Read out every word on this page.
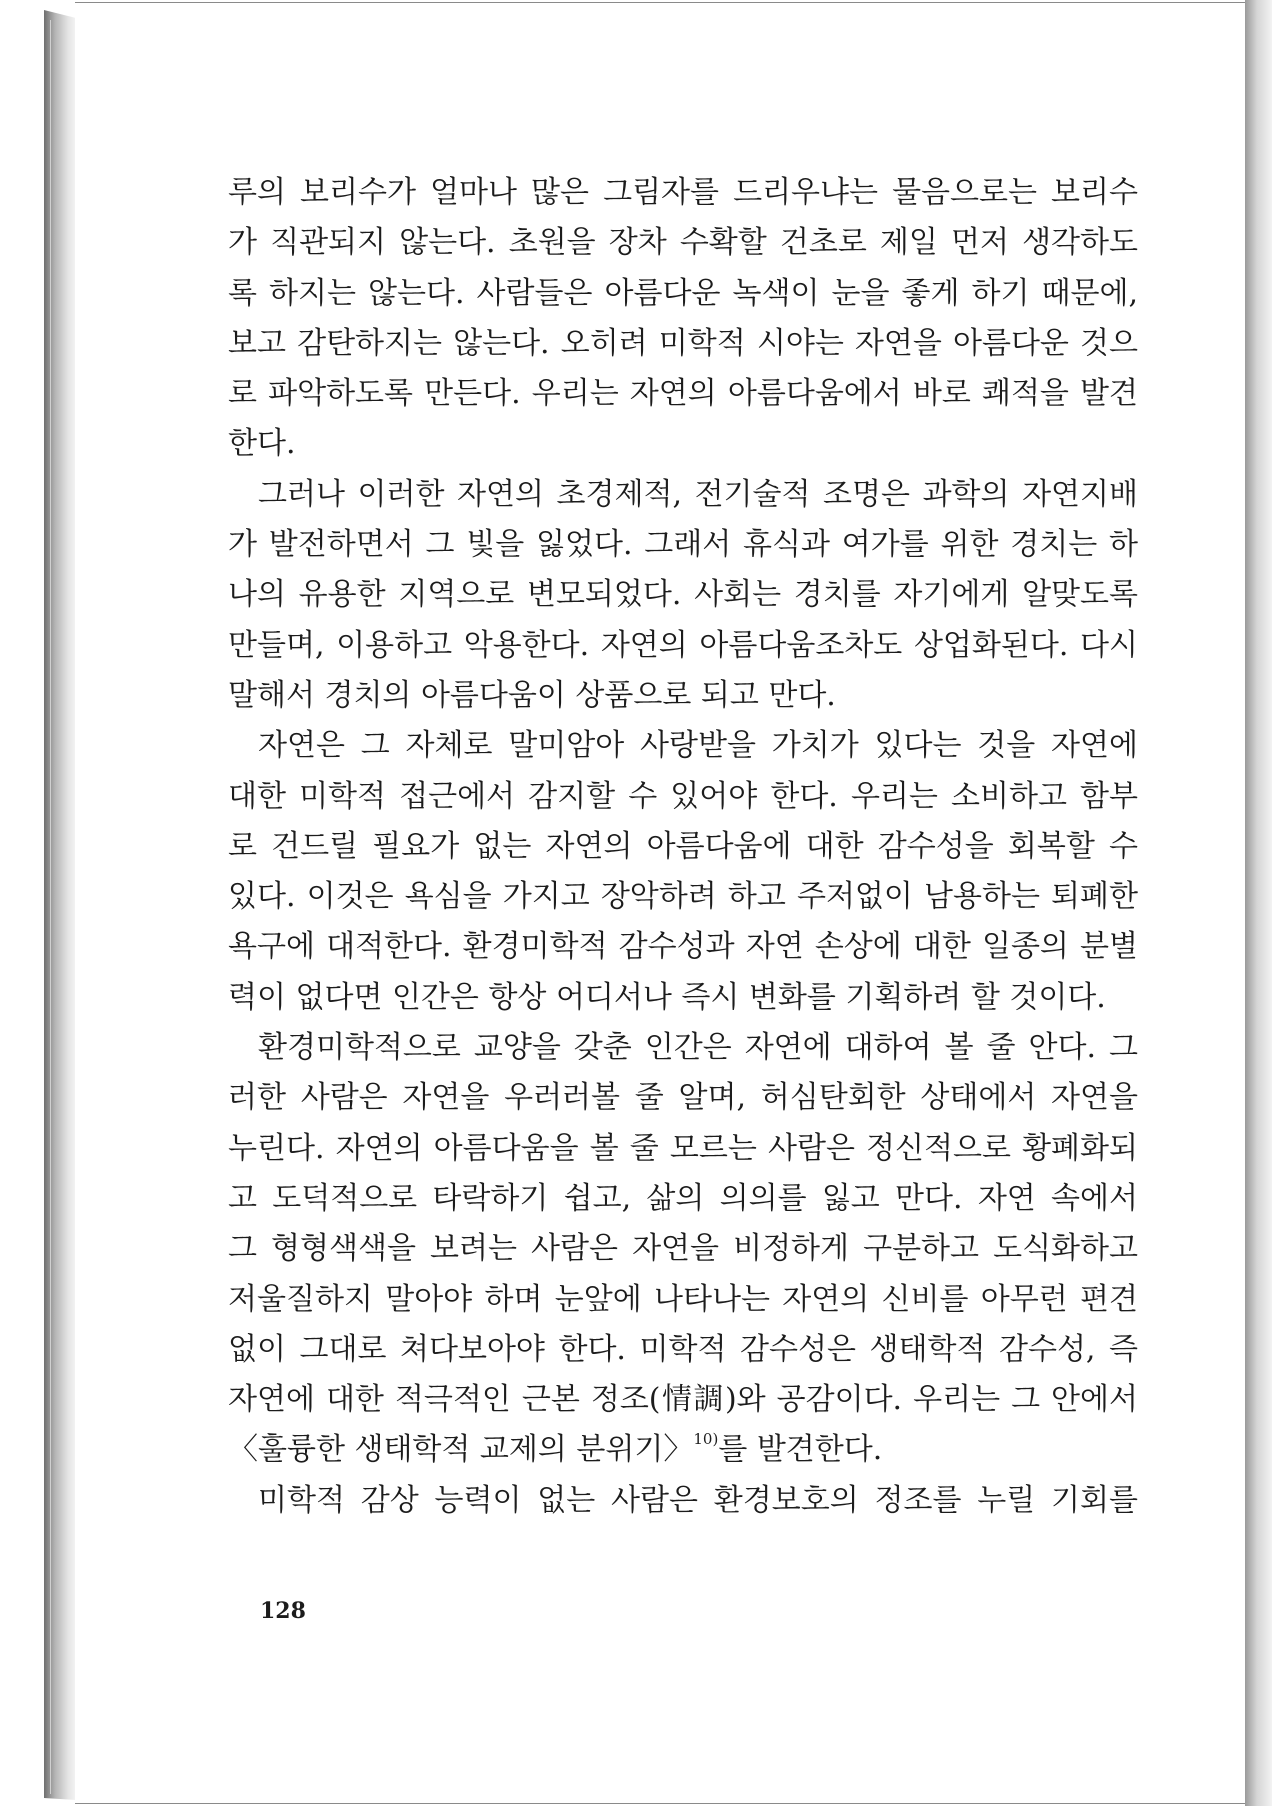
루의 보리수가 얼마나 많은 그림자를 드리우냐는 물음으로는 보리수
가 직관되지 않는다. 초원을 장차 수확할 건초로 제일 먼저 생각하도
록 하지는 않는다. 사람들은 아름다운 녹색이 눈을 좋게 하기 때문에,
보고 감탄하지는 않는다. 오히려 미학적 시야는 자연을 아름다운 것으
로 파악하도록 만든다. 우리는 자연의 아름다움에서 바로 쾌적을 발견
한다.
그러나 이러한 자연의 초경제적, 전기술적 조명은 과학의 자연지배
가 발전하면서 그 빛을 잃었다. 그래서 휴식과 여가를 위한 경치는 하
나의 유용한 지역으로 변모되었다. 사회는 경치를 자기에게 알맞도록
만들며, 이용하고 악용한다. 자연의 아름다움조차도 상업화된다. 다시
말해서 경치의 아름다움이 상품으로 되고 만다.
자연은 그 자체로 말미암아 사랑받을 가치가 있다는 것을 자연에
대한 미학적 접근에서 감지할 수 있어야 한다. 우리는 소비하고 함부
로 건드릴 필요가 없는 자연의 아름다움에 대한 감수성을 회복할 수
있다. 이것은 욕심을 가지고 장악하려 하고 주저없이 남용하는 퇴폐한
욕구에 대적한다. 환경미학적 감수성과 자연 손상에 대한 일종의 분별
력이 없다면 인간은 항상 어디서나 즉시 변화를 기획하려 할 것이다.
환경미학적으로 교양을 갖춘 인간은 자연에 대하여 볼 줄 안다. 그
러한 사람은 자연을 우러러볼 줄 알며, 허심탄회한 상태에서 자연을
누린다. 자연의 아름다움을 볼 줄 모르는 사람은 정신적으로 황폐화되
고 도덕적으로 타락하기 쉽고, 삶의 의의를 잃고 만다. 자연 속에서
그 형형색색을 보려는 사람은 자연을 비정하게 구분하고 도식화하고
저울질하지 말아야 하며 눈앞에 나타나는 자연의 신비를 아무런 편견
없이 그대로 쳐다보아야 한다. 미학적 감수성은 생태학적 감수성, 즉
자연에 대한 적극적인 근본 정조(情調)와 공감이다. 우리는 그 안에서
〈훌륭한 생태학적 교제의 분위기〉$^{10)}$를 발견한다.
미학적 감상 능력이 없는 사람은 환경보호의 정조를 누릴 기회를
128
